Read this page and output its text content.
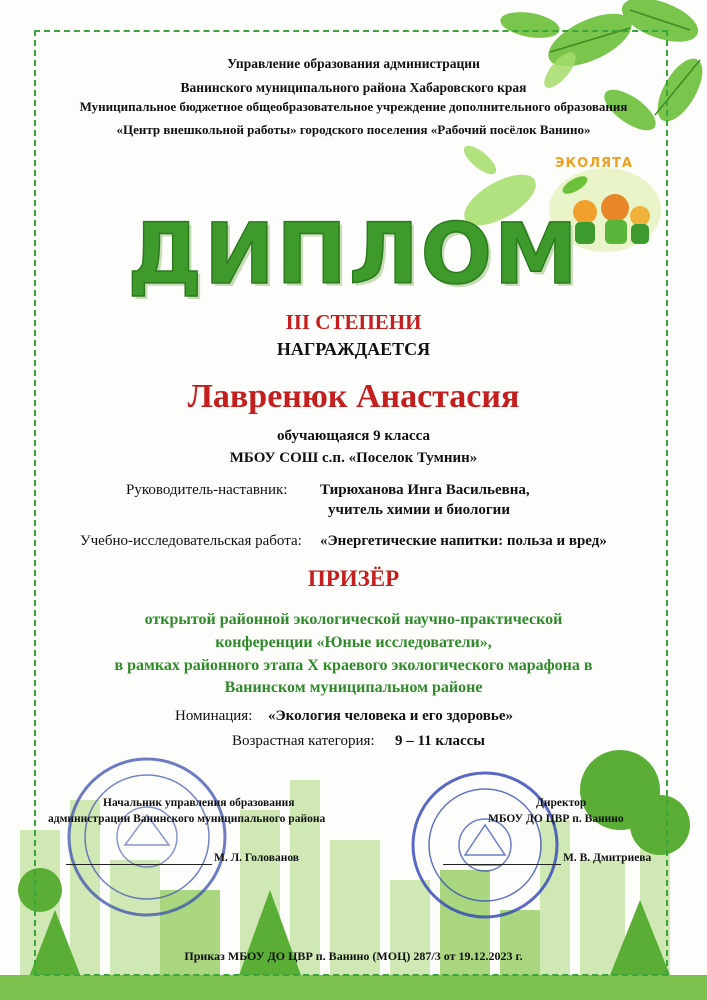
ЭКОЛЯТА
Управление образования администрации
Ванинского муниципального района Хабаровского края
Муниципальное бюджетное общеобразовательное учреждение дополнительного образования
«Центр внешкольной работы» городского поселения «Рабочий посёлок Ванино»
ДИПЛОМ
III СТЕПЕНИ
НАГРАЖДАЕТСЯ
Лавренюк Анастасия
обучающаяся 9 класса
МБОУ СОШ с.п. «Поселок Тумнин»
Руководитель-наставник: Тирюханова Инга Васильевна,
учитель химии и биологии
Учебно-исследовательская работа: «Энергетические напитки: польза и вред»
ПРИЗЁР
открытой районной экологической научно-практической
конференции «Юные исследователи»,
в рамках районного этапа X краевого экологического марафона в
Ванинском муниципальном районе
Номинация: «Экология человека и его здоровье»
Возрастная категория: 9 – 11 классы
Начальник управления образования
администрации Ванинского муниципального района
М. Л. Голованов
Директор
МБОУ ДО ЦВР п. Ванино
М. В. Дмитриева
Приказ МБОУ ДО ЦВР п. Ванино (МОЦ) 287/3 от 19.12.2023 г.
